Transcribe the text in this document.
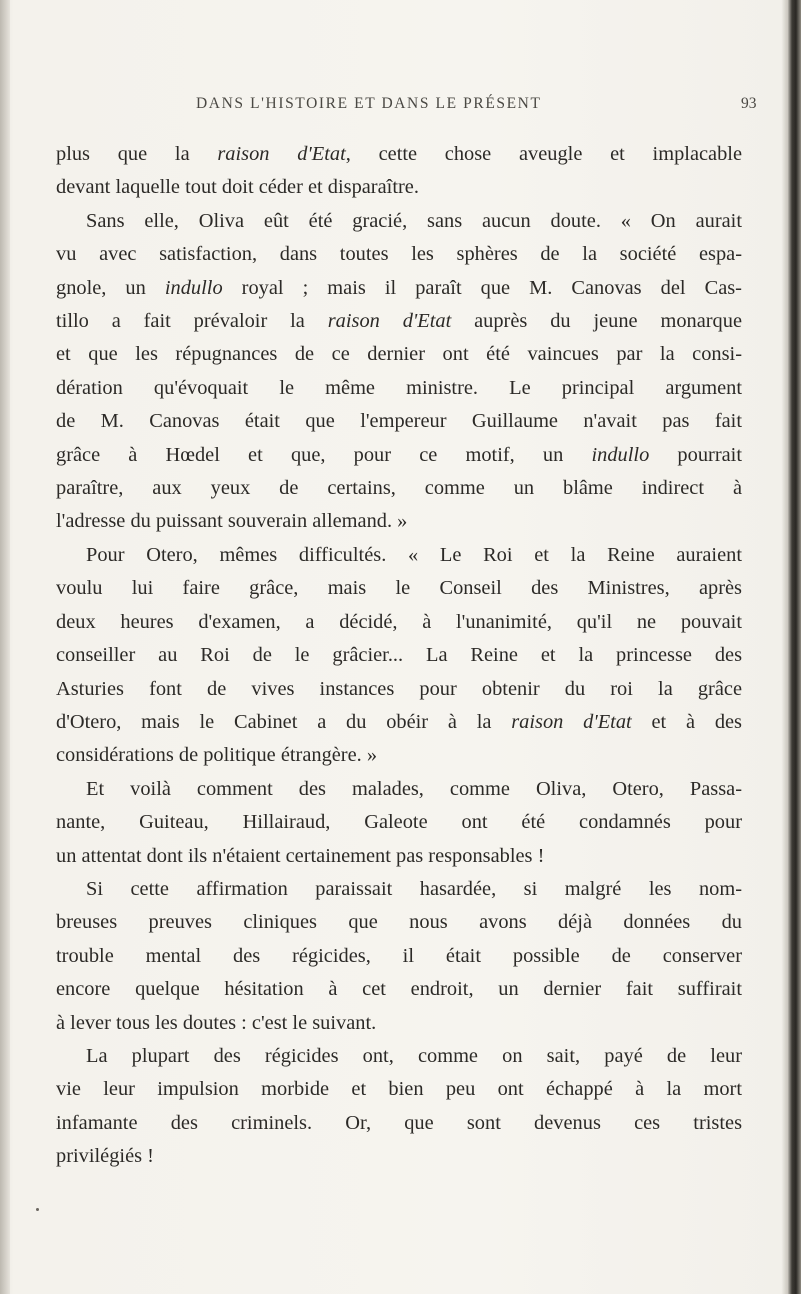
DANS L'HISTOIRE ET DANS LE PRÉSENT	93

plus que la raison d'Etat, cette chose aveugle et implacable
devant laquelle tout doit céder et disparaître.

Sans elle, Oliva eût été gracié, sans aucun doute. « On aurait
vu avec satisfaction, dans toutes les sphères de la société espa-
gnole, un indullo royal ; mais il paraît que M. Canovas del Cas-
tillo a fait prévaloir la raison d'Etat auprès du jeune monarque
et que les répugnances de ce dernier ont été vaincues par la consi-
dération qu'évoquait le même ministre. Le principal argument
de M. Canovas était que l'empereur Guillaume n'avait pas fait
grâce à Hœdel et que, pour ce motif, un indullo pourrait
paraître, aux yeux de certains, comme un blâme indirect à
l'adresse du puissant souverain allemand. »

Pour Otero, mêmes difficultés. « Le Roi et la Reine auraient
voulu lui faire grâce, mais le Conseil des Ministres, après
deux heures d'examen, a décidé, à l'unanimité, qu'il ne pouvait
conseiller au Roi de le grâcier... La Reine et la princesse des
Asturies font de vives instances pour obtenir du roi la grâce
d'Otero, mais le Cabinet a du obéir à la raison d'Etat et à des
considérations de politique étrangère. »

Et voilà comment des malades, comme Oliva, Otero, Passa-
nante, Guiteau, Hillairaud, Galeote ont été condamnés pour
un attentat dont ils n'étaient certainement pas responsables !

Si cette affirmation paraissait hasardée, si malgré les nom-
breuses preuves cliniques que nous avons déjà données du
trouble mental des régicides, il était possible de conserver
encore quelque hésitation à cet endroit, un dernier fait suffirait
à lever tous les doutes : c'est le suivant.

La plupart des régicides ont, comme on sait, payé de leur
vie leur impulsion morbide et bien peu ont échappé à la mort
infamante des criminels. Or, que sont devenus ces tristes
privilégiés !
